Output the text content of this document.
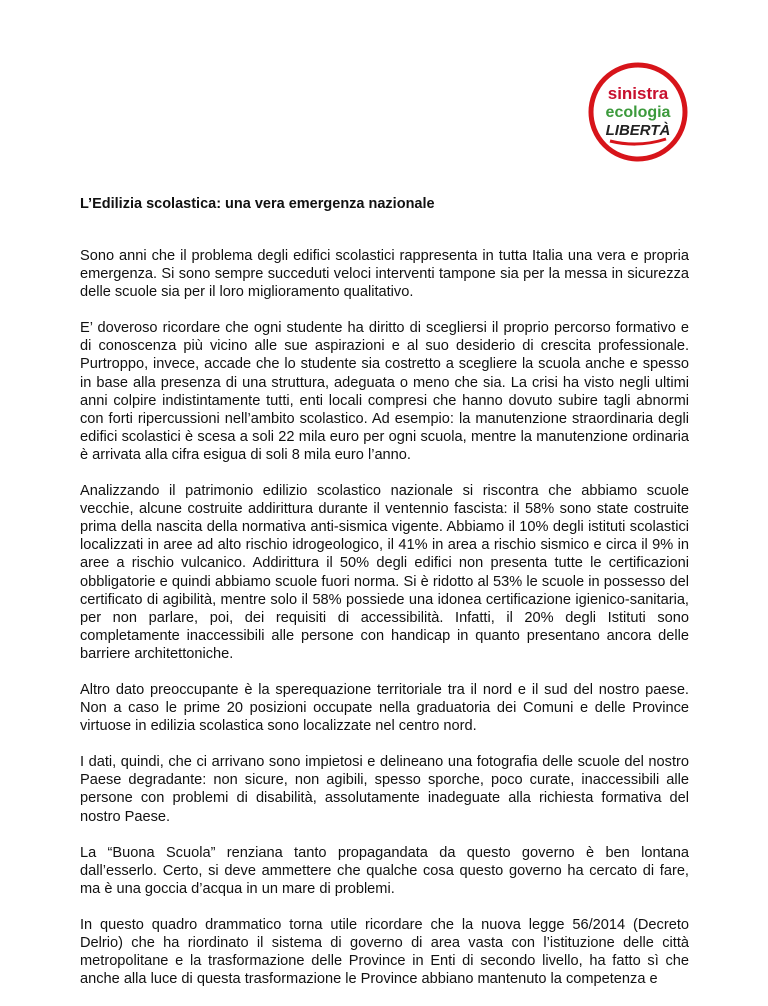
sinistra
ecologia
LIBERTÀ
L’Edilizia scolastica: una vera emergenza nazionale

Sono anni che il problema degli edifici scolastici rappresenta in tutta Italia una vera e propria emergenza. Si sono sempre succeduti veloci interventi tampone sia per la messa in sicurezza delle scuole sia per il loro miglioramento qualitativo.

E’ doveroso ricordare che ogni studente ha diritto di scegliersi il proprio percorso formativo e di conoscenza più vicino alle sue aspirazioni e al suo desiderio di crescita professionale. Purtroppo, invece, accade che lo studente sia costretto a scegliere la scuola anche e spesso in base alla presenza di una struttura, adeguata o meno che sia. La crisi ha visto negli ultimi anni colpire indistintamente tutti, enti locali compresi che hanno dovuto subire tagli abnormi con forti ripercussioni nell’ambito scolastico. Ad esempio: la manutenzione straordinaria degli edifici scolastici è scesa a soli 22 mila euro per ogni scuola, mentre la manutenzione ordinaria è arrivata alla cifra esigua di soli 8 mila euro l’anno.

Analizzando il patrimonio edilizio scolastico nazionale si riscontra che abbiamo scuole vecchie, alcune costruite addirittura durante il ventennio fascista: il 58% sono state costruite prima della nascita della normativa anti-sismica vigente. Abbiamo il 10% degli istituti scolastici localizzati in aree ad alto rischio idrogeologico, il 41% in area a rischio sismico e circa il 9% in aree a rischio vulcanico. Addirittura il 50% degli edifici non presenta tutte le certificazioni obbligatorie e quindi abbiamo scuole fuori norma. Si è ridotto al 53% le scuole in possesso del certificato di agibilità, mentre solo il 58% possiede una idonea certificazione igienico-sanitaria, per non parlare, poi, dei requisiti di accessibilità. Infatti, il 20% degli Istituti sono completamente inaccessibili alle persone con handicap in quanto presentano ancora delle barriere architettoniche.

Altro dato preoccupante è la sperequazione territoriale tra il nord e il sud del nostro paese. Non a caso le prime 20 posizioni occupate nella graduatoria dei Comuni e delle Province virtuose in edilizia scolastica sono localizzate nel centro nord.

I dati, quindi, che ci arrivano sono impietosi e delineano una fotografia delle scuole del nostro Paese degradante: non sicure, non agibili, spesso sporche, poco curate, inaccessibili alle persone con problemi di disabilità, assolutamente inadeguate alla richiesta formativa del nostro Paese.

La “Buona Scuola” renziana tanto propagandata da questo governo è ben lontana dall’esserlo. Certo, si deve ammettere che qualche cosa questo governo ha cercato di fare, ma è una goccia d’acqua in un mare di problemi.

In questo quadro drammatico torna utile ricordare che la nuova legge 56/2014 (Decreto Delrio) che ha riordinato il sistema di governo di area vasta con l’istituzione delle città metropolitane e la trasformazione delle Province in Enti di secondo livello, ha fatto sì che anche alla luce di questa trasformazione le Province abbiano mantenuto la competenza e
